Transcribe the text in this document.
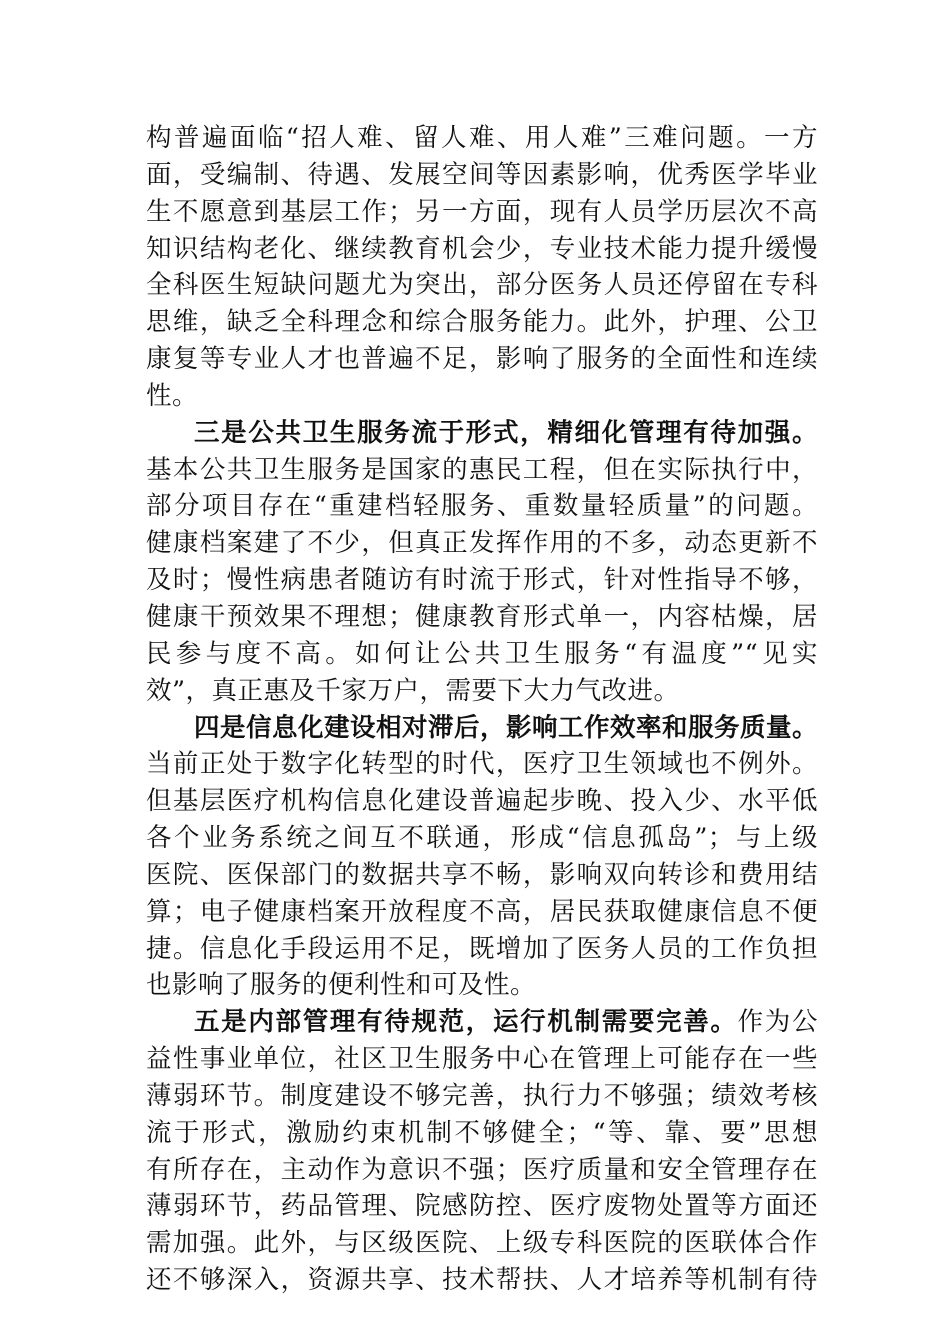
构普遍面临“招人难、留人难、用人难”三难问题。一方
面，受编制、待遇、发展空间等因素影响，优秀医学毕业
生不愿意到基层工作；另一方面，现有人员学历层次不高
知识结构老化、继续教育机会少，专业技术能力提升缓慢
全科医生短缺问题尤为突出，部分医务人员还停留在专科
思维，缺乏全科理念和综合服务能力。此外，护理、公卫
康复等专业人才也普遍不足，影响了服务的全面性和连续
性。
三是公共卫生服务流于形式，精细化管理有待加强。
基本公共卫生服务是国家的惠民工程，但在实际执行中，
部分项目存在“重建档轻服务、重数量轻质量”的问题。
健康档案建了不少，但真正发挥作用的不多，动态更新不
及时；慢性病患者随访有时流于形式，针对性指导不够，
健康干预效果不理想；健康教育形式单一，内容枯燥，居
民参与度不高。如何让公共卫生服务“有温度”“见实
效”，真正惠及千家万户，需要下大力气改进。
四是信息化建设相对滞后，影响工作效率和服务质量。
当前正处于数字化转型的时代，医疗卫生领域也不例外。
但基层医疗机构信息化建设普遍起步晚、投入少、水平低
各个业务系统之间互不联通，形成“信息孤岛”；与上级
医院、医保部门的数据共享不畅，影响双向转诊和费用结
算；电子健康档案开放程度不高，居民获取健康信息不便
捷。信息化手段运用不足，既增加了医务人员的工作负担
也影响了服务的便利性和可及性。
五是内部管理有待规范，运行机制需要完善。作为公
益性事业单位，社区卫生服务中心在管理上可能存在一些
薄弱环节。制度建设不够完善，执行力不够强；绩效考核
流于形式，激励约束机制不够健全；“等、靠、要”思想
有所存在，主动作为意识不强；医疗质量和安全管理存在
薄弱环节，药品管理、院感防控、医疗废物处置等方面还
需加强。此外，与区级医院、上级专科医院的医联体合作
还不够深入，资源共享、技术帮扶、人才培养等机制有待
